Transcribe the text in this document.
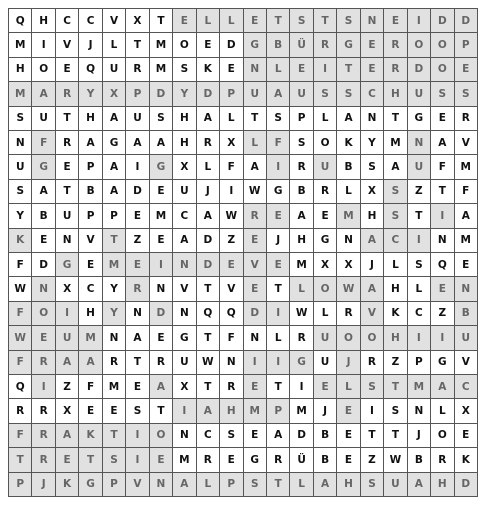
Q	H	C	C	V	X	T	E	L	L	E	T	S	T	S	N	E	I	D	D
M	I	V	J	L	T	M	O	E	D	G	B	Ü	R	G	E	R	O	O	P
H	O	E	Q	U	R	M	S	K	E	N	L	E	I	T	E	R	D	O	E
M	A	R	Y	X	P	D	Y	D	P	U	A	U	S	S	C	H	U	S	S
S	U	T	H	A	U	S	H	A	L	T	S	P	L	A	N	T	G	E	R
N	F	R	A	G	A	A	H	R	X	L	F	S	O	K	Y	M	N	A	V
U	G	E	P	A	I	G	X	L	F	A	I	R	U	B	S	A	U	F	M
S	A	T	B	A	D	E	U	J	I	W	G	B	R	L	X	S	Z	T	F
Y	B	U	P	P	E	M	C	A	W	R	E	A	E	M	H	S	T	I	A
K	E	N	V	T	Z	E	A	D	Z	E	J	H	G	N	A	C	I	N	M
F	D	G	E	M	E	I	N	D	E	V	E	M	X	X	J	L	S	Q	E
W	N	X	C	Y	R	N	V	T	V	E	T	L	O	W	A	H	L	E	N
F	O	I	H	Y	N	D	N	Q	Q	D	I	W	L	R	V	K	C	Z	B
W	E	U	M	N	A	E	G	T	F	N	L	R	U	O	O	H	I	I	U
F	R	A	A	R	T	R	U	W	N	I	I	G	U	J	R	Z	P	G	V
Q	I	Z	F	M	E	A	X	T	R	E	T	I	E	L	S	T	M	A	C
R	R	X	E	E	S	T	I	A	H	M	P	M	J	E	I	S	N	L	X
F	R	A	K	T	I	O	N	C	S	E	A	D	B	E	T	T	J	O	E
T	R	E	T	S	I	E	M	R	E	G	R	Ü	B	E	Z	W	B	R	K
P	J	K	G	P	V	N	A	L	P	S	T	L	A	H	S	U	A	H	D
